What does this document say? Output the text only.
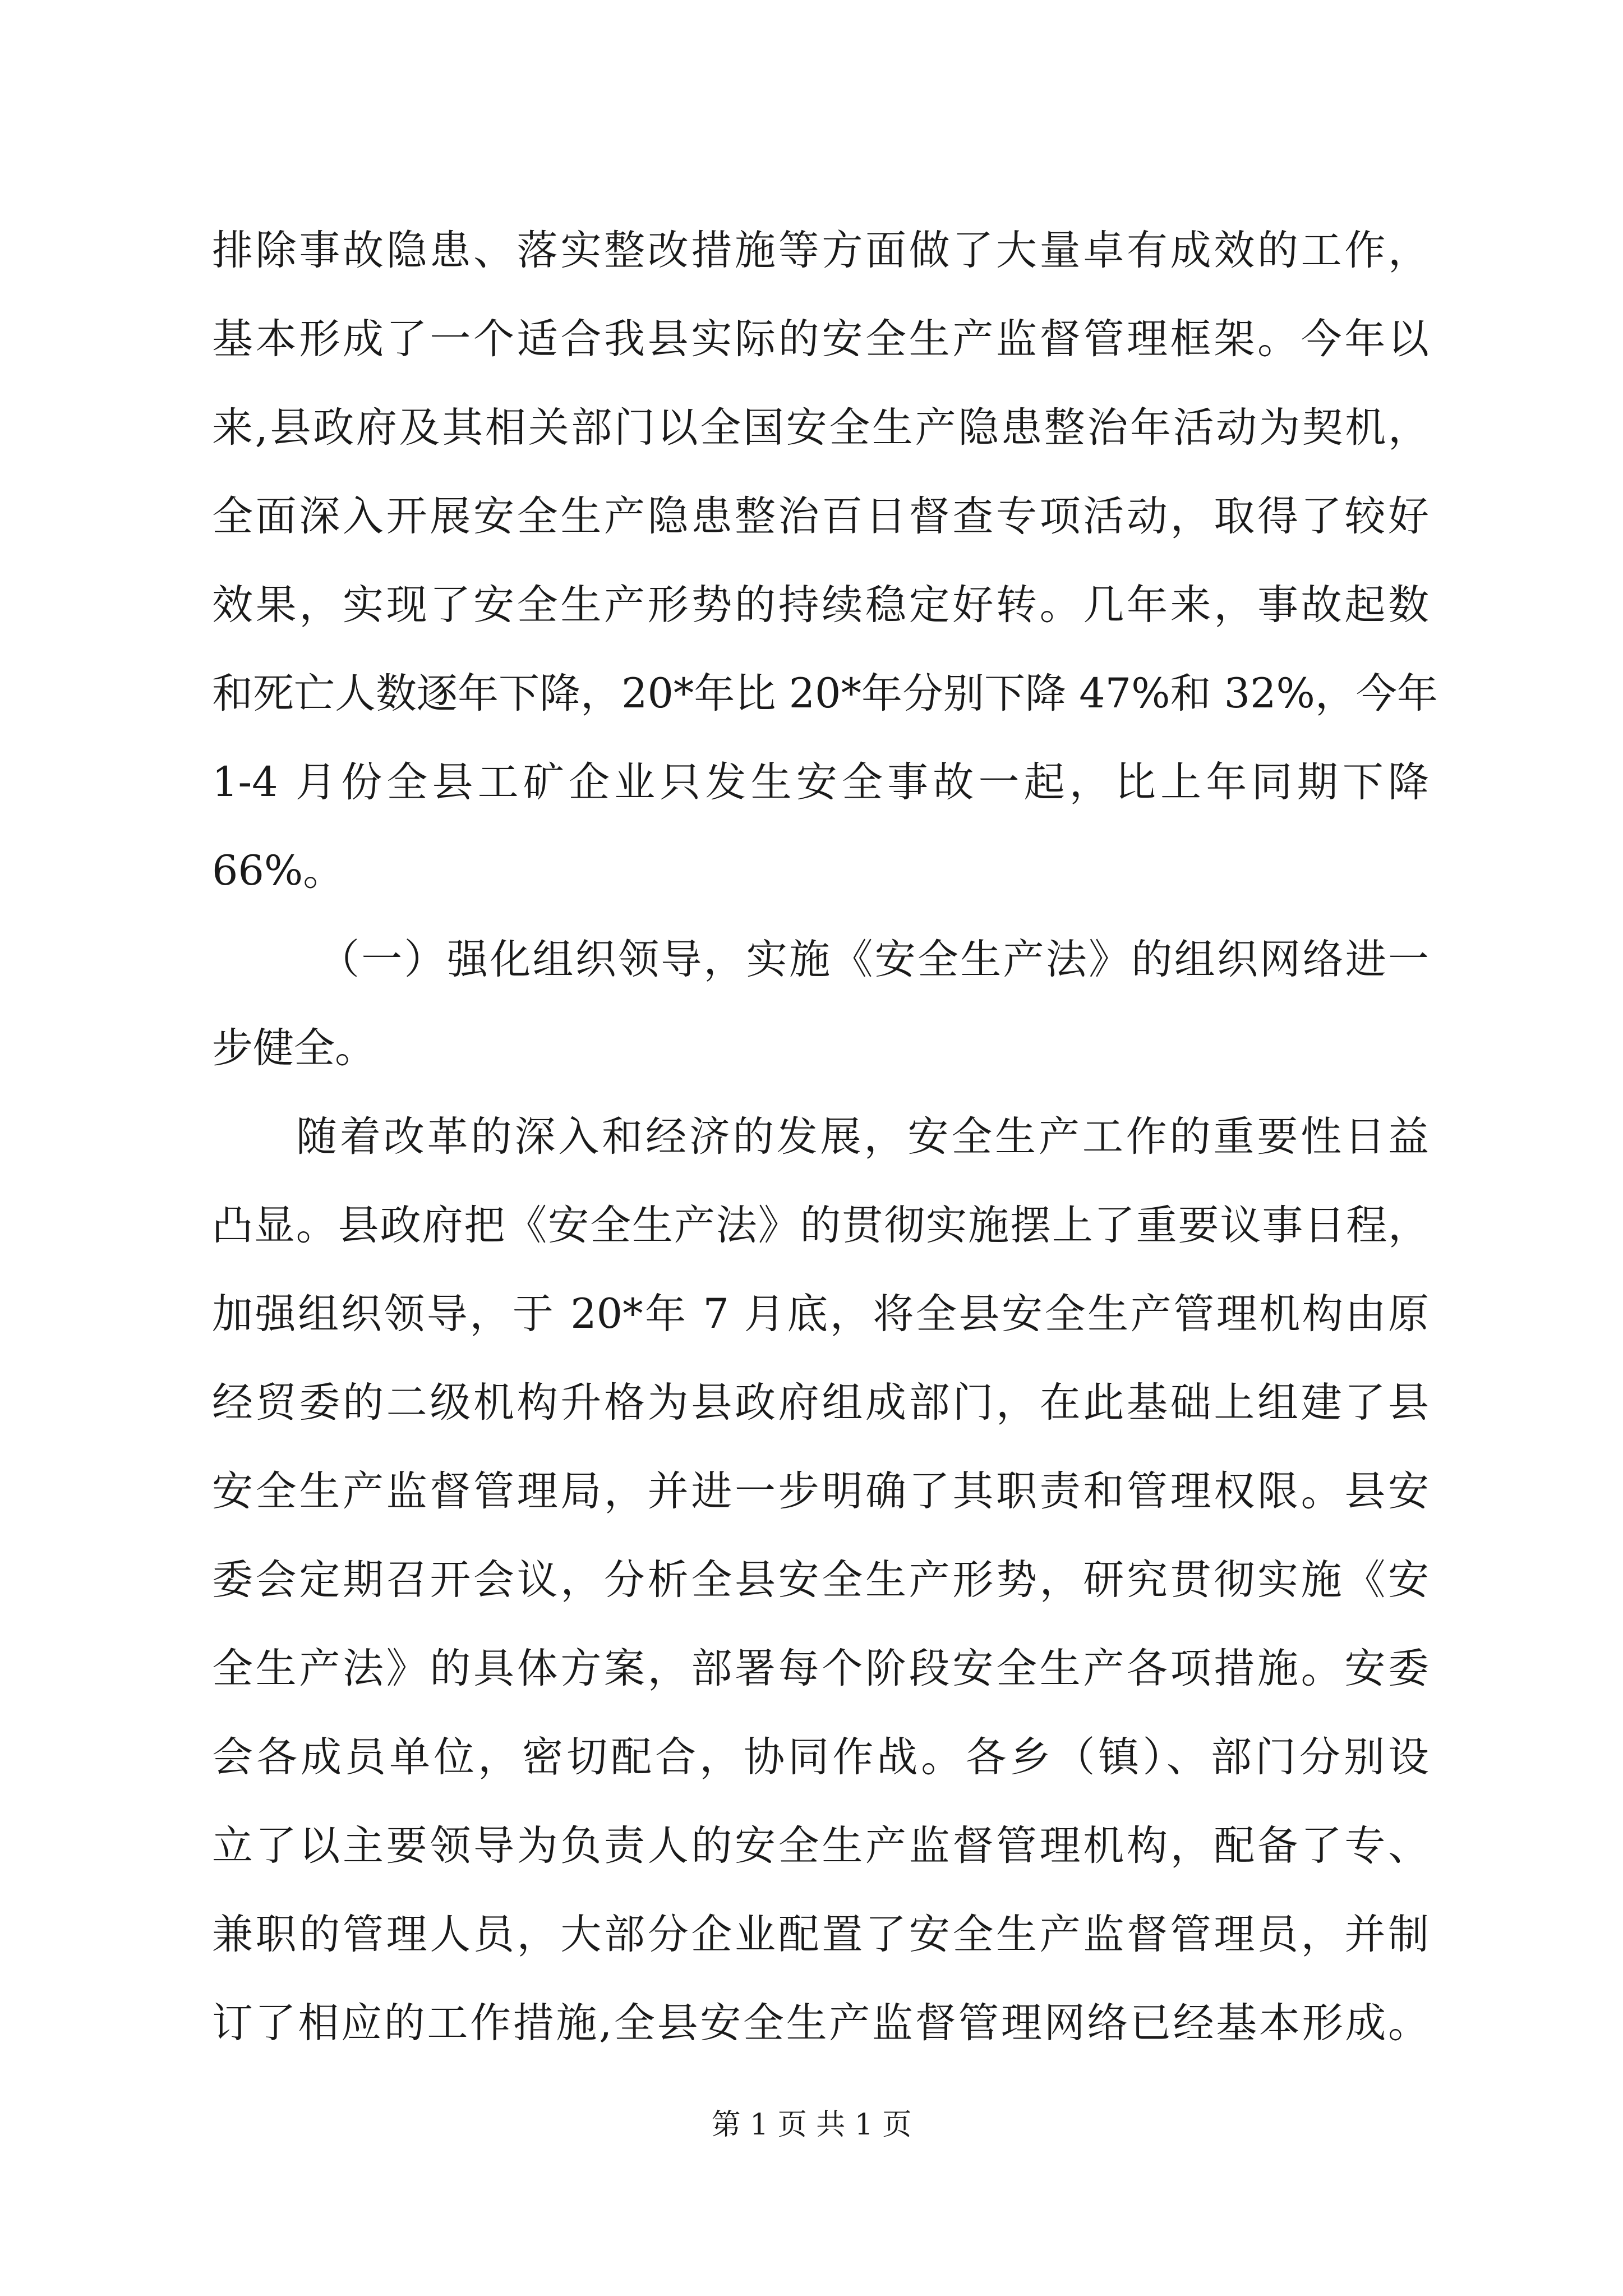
排除事故隐患、落实整改措施等方面做了大量卓有成效的工作，
基本形成了一个适合我县实际的安全生产监督管理框架。今年以
来,县政府及其相关部门以全国安全生产隐患整治年活动为契机，
全面深入开展安全生产隐患整治百日督查专项活动，取得了较好
效果，实现了安全生产形势的持续稳定好转。几年来，事故起数
和死亡人数逐年下降，20*年比 20*年分别下降 47%和 32%，今年
1-4 月份全县工矿企业只发生安全事故一起，比上年同期下降
66%。
（一）强化组织领导，实施《安全生产法》的组织网络进一
步健全。
随着改革的深入和经济的发展，安全生产工作的重要性日益
凸显。县政府把《安全生产法》的贯彻实施摆上了重要议事日程，
加强组织领导，于 20*年 7 月底，将全县安全生产管理机构由原
经贸委的二级机构升格为县政府组成部门，在此基础上组建了县
安全生产监督管理局，并进一步明确了其职责和管理权限。县安
委会定期召开会议，分析全县安全生产形势，研究贯彻实施《安
全生产法》的具体方案，部署每个阶段安全生产各项措施。安委
会各成员单位，密切配合，协同作战。各乡（镇）、部门分别设
立了以主要领导为负责人的安全生产监督管理机构，配备了专、
兼职的管理人员，大部分企业配置了安全生产监督管理员，并制
订了相应的工作措施,全县安全生产监督管理网络已经基本形成。
第 1 页 共 1 页
